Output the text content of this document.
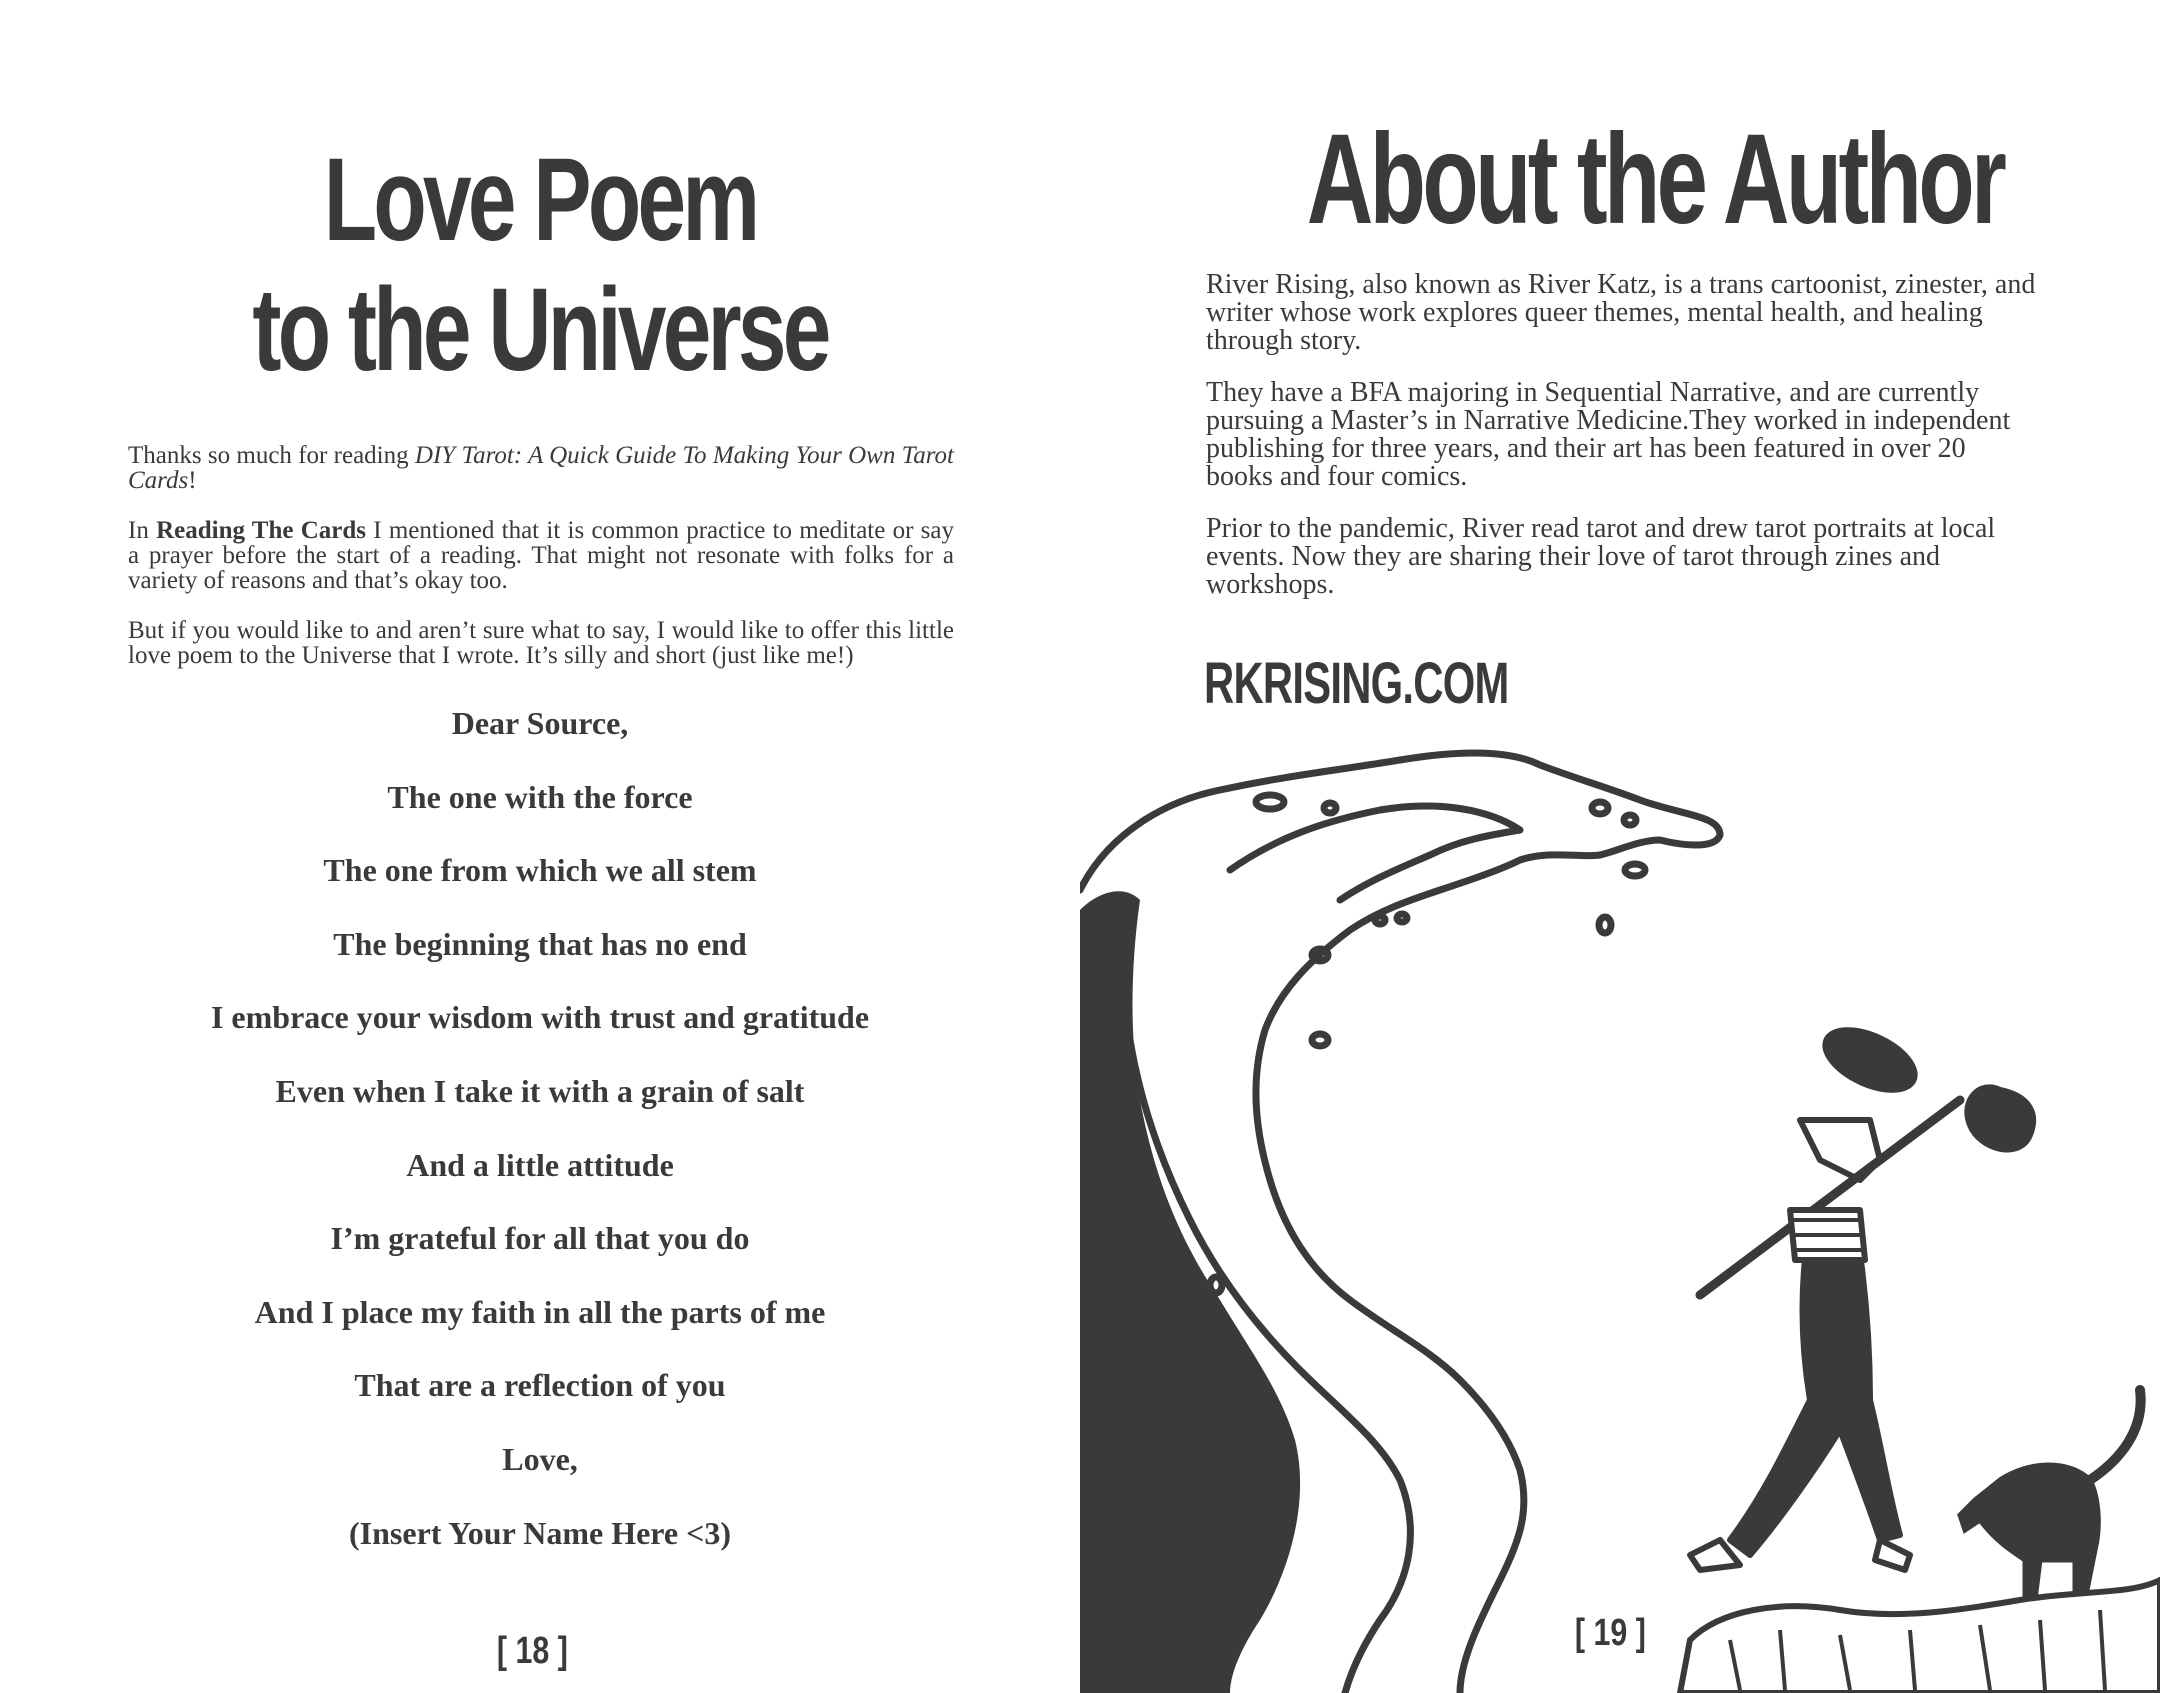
Love Poem
to the Universe

Thanks so much for reading DIY Tarot: A Quick Guide To Making Your Own Tarot Cards!

In Reading The Cards I mentioned that it is common practice to meditate or say a prayer before the start of a reading. That might not resonate with folks for a variety of reasons and that’s okay too.

But if you would like to and aren’t sure what to say, I would like to offer this little love poem to the Universe that I wrote. It’s silly and short (just like me!)

Dear Source,
The one with the force
The one from which we all stem
The beginning that has no end
I embrace your wisdom with trust and gratitude
Even when I take it with a grain of salt
And a little attitude
I’m grateful for all that you do
And I place my faith in all the parts of me
That are a reflection of you
Love,
(Insert Your Name Here <3)
[ 18 ]
About the Author

River Rising, also known as River Katz, is a trans cartoonist, zinester, and writer whose work explores queer themes, mental health, and healing through story.

They have a BFA majoring in Sequential Narrative, and are currently pursuing a Master’s in Narrative Medicine.They worked in independent publishing for three years, and their art has been featured in over 20 books and four comics.

Prior to the pandemic, River read tarot and drew tarot portraits at local events. Now they are sharing their love of tarot through zines and workshops.

RKRISING.COM
[ 19 ]
